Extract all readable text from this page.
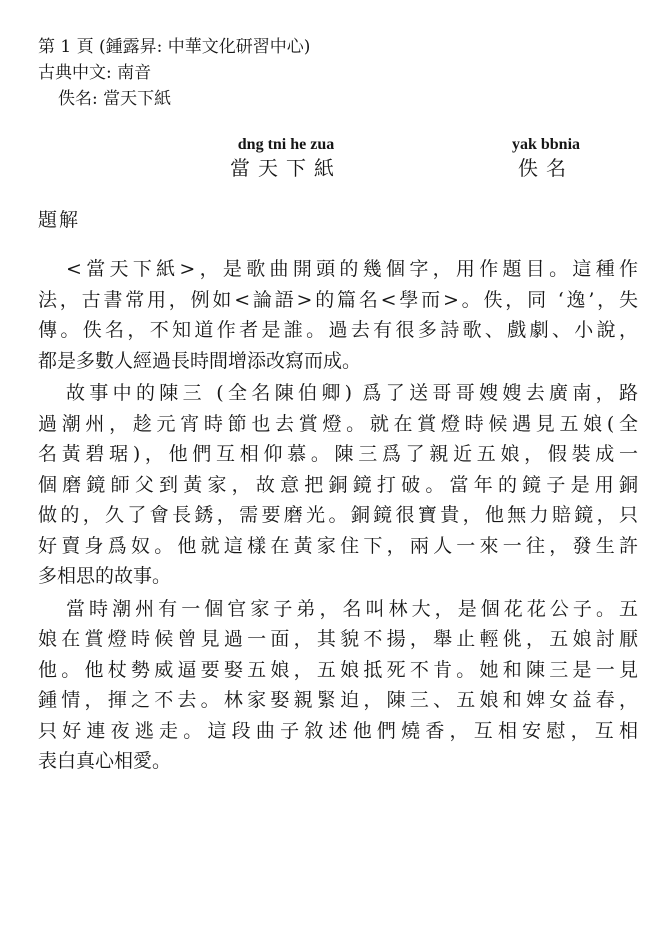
第 1 頁 (鍾露昇: 中華文化研習中心)
古典中文: 南音
佚名: 當天下紙
dng tni he zua
當天下紙
yak bbnia
佚名
題解
<當天下紙>，是歌曲開頭的幾個字，用作題目。這種作
法，古書常用，例如<論語>的篇名<學而>。佚，同 ‘逸’，失
傳。佚名，不知道作者是誰。過去有很多詩歌、戲劇、小說，
都是多數人經過長時間增添改寫而成。
故事中的陳三 (全名陳伯卿) 爲了送哥哥嫂嫂去廣南，路
過潮州，趁元宵時節也去賞燈。就在賞燈時候遇見五娘(全
名黃碧琚)，他們互相仰慕。陳三爲了親近五娘，假裝成一
個磨鏡師父到黃家，故意把銅鏡打破。當年的鏡子是用銅
做的，久了會長銹，需要磨光。銅鏡很寶貴，他無力賠鏡，只
好賣身爲奴。他就這樣在黃家住下，兩人一來一往，發生許
多相思的故事。
當時潮州有一個官家子弟，名叫林大，是個花花公子。五
娘在賞燈時候曾見過一面，其貌不揚，舉止輕佻，五娘討厭
他。他杖勢威逼要娶五娘，五娘抵死不肯。她和陳三是一見
鍾情，揮之不去。林家娶親緊迫，陳三、五娘和婢女益春，
只好連夜逃走。這段曲子敘述他們燒香，互相安慰，互相
表白真心相愛。
